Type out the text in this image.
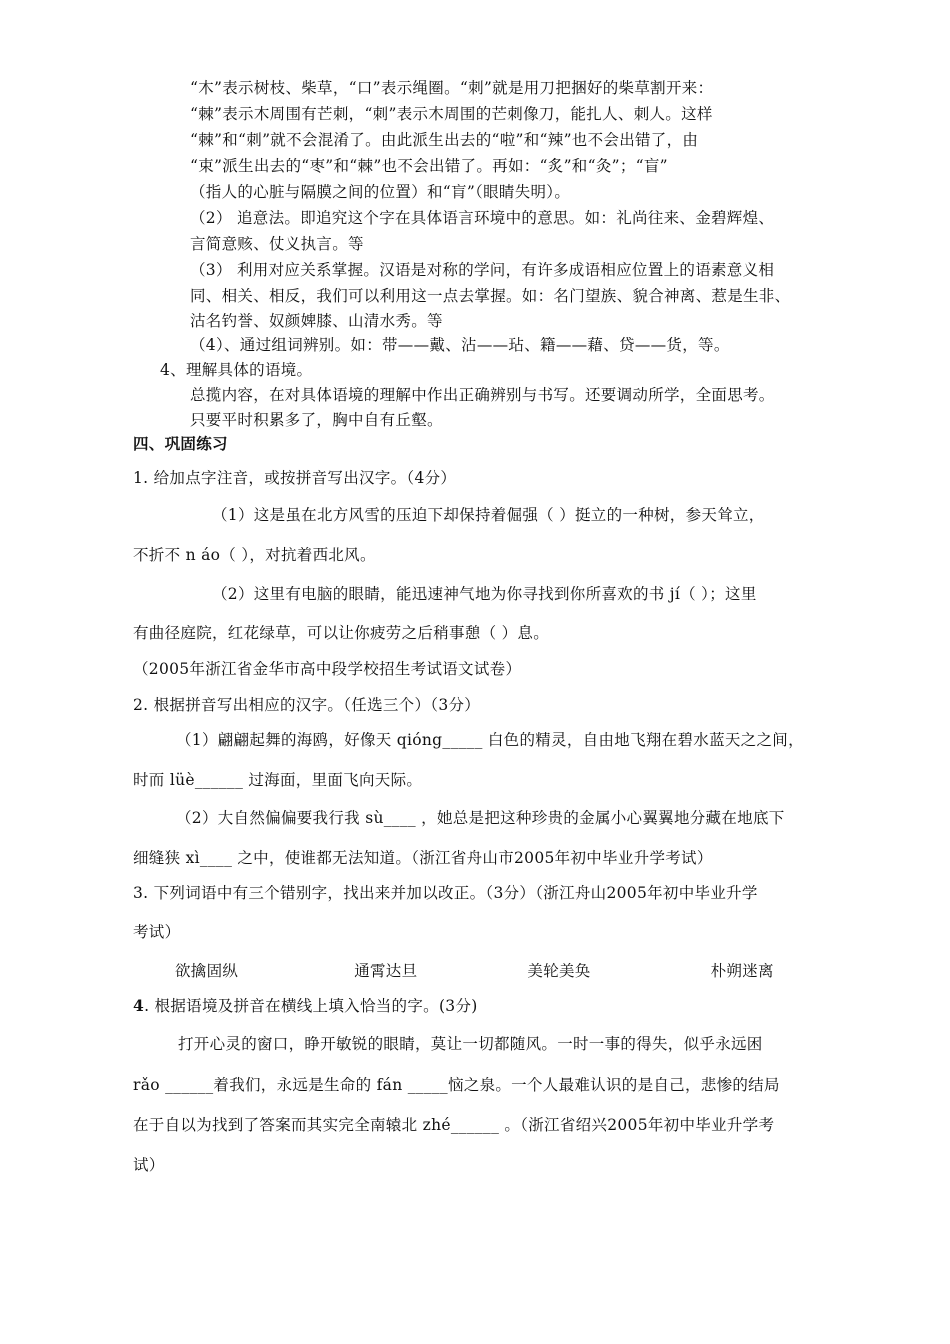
“木”表示树枝、柴草，“口”表示绳圈。“刺”就是用刀把捆好的柴草割开来：
“棘”表示木周围有芒刺，“刺”表示木周围的芒刺像刀，能扎人、刺人。这样
“棘”和“刺”就不会混淆了。由此派生出去的“啦”和“辣”也不会出错了，由
“束”派生出去的“枣”和“棘”也不会出错了。再如：“炙”和“灸”；“盲”
（指人的心脏与隔膜之间的位置）和“肓”（眼睛失明）。
（2） 追意法。即追究这个字在具体语言环境中的意思。如：礼尚往来、金碧辉煌、
言简意赅、仗义执言。等
（3） 利用对应关系掌握。汉语是对称的学问，有许多成语相应位置上的语素意义相
同、相关、相反，我们可以利用这一点去掌握。如：名门望族、貌合神离、惹是生非、
沽名钓誉、奴颜婢膝、山清水秀。等
（4）、通过组词辨别。如：带——戴、沾——玷、籍——藉、贷——货，等。
4、理解具体的语境。
总揽内容，在对具体语境的理解中作出正确辨别与书写。还要调动所学，全面思考。
只要平时积累多了，胸中自有丘壑。
四、巩固练习
1. 给加点字注音，或按拼音写出汉字。（4分）
（1）这是虽在北方风雪的压迫下却保持着倔强（ ）挺立的一种树，参天耸立，
不折不 n áo（ ），对抗着西北风。
（2）这里有电脑的眼睛，能迅速神气地为你寻找到你所喜欢的书 jí（ ）；这里
有曲径庭院，红花绿草，可以让你疲劳之后稍事憩（ ）息。
（2005年浙江省金华市高中段学校招生考试语文试卷）
2. 根据拼音写出相应的汉字。（任选三个）（3分）
（1）翩翩起舞的海鸥，好像天 qióng_____ 白色的精灵，自由地飞翔在碧水蓝天之之间，
时而 lüè______ 过海面，里面飞向天际。
（2）大自然偏偏要我行我 sù____ ，她总是把这种珍贵的金属小心翼翼地分藏在地底下
细缝狭 xì____ 之中，使谁都无法知道。（浙江省舟山市2005年初中毕业升学考试）
3. 下列词语中有三个错别字，找出来并加以改正。（3分）（浙江舟山2005年初中毕业升学
考试）
欲擒固纵	通霄达旦	美轮美奂	朴朔迷离
4. 根据语境及拼音在横线上填入恰当的字。(3分)
打开心灵的窗口，睁开敏锐的眼睛，莫让一切都随风。一时一事的得失，似乎永远困
rǎo ______着我们，永远是生命的 fán _____恼之泉。一个人最难认识的是自己，悲惨的结局
在于自以为找到了答案而其实完全南辕北 zhé______ 。（浙江省绍兴2005年初中毕业升学考
试）
